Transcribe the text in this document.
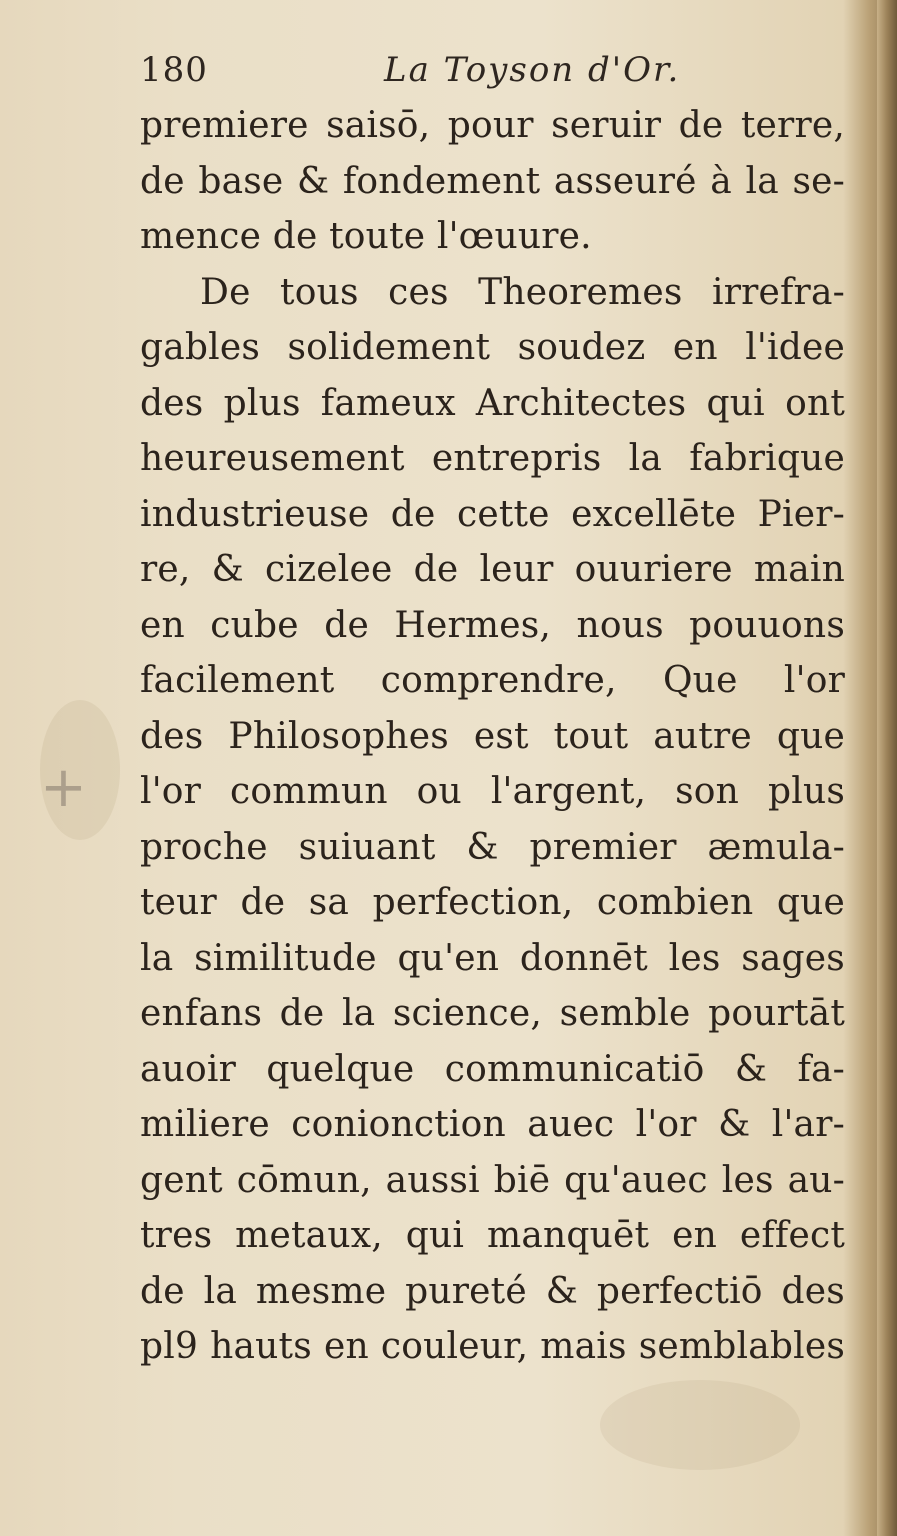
+
180	La Toyson d'Or.
premiere saisō, pour seruir de terre,
de base & fondement asseuré à la se-
mence de toute l'œuure.
De tous ces Theoremes irrefra-
gables solidement soudez en l'idee
des plus fameux Architectes qui ont
heureusement entrepris la fabrique
industrieuse de cette excellēte Pier-
re, & cizelee de leur ouuriere main
en cube de Hermes, nous pouuons
facilement comprendre, Que l'or
des Philosophes est tout autre que
l'or commun ou l'argent, son plus
proche suiuant & premier æmula-
teur de sa perfection, combien que
la similitude qu'en donnēt les sages
enfans de la science, semble pourtāt
auoir quelque communicatiō & fa-
miliere conionction auec l'or & l'ar-
gent cōmun, aussi biē qu'auec les au-
tres metaux, qui manquēt en effect
de la mesme pureté & perfectiō des
pl9 hauts en couleur, mais semblables
